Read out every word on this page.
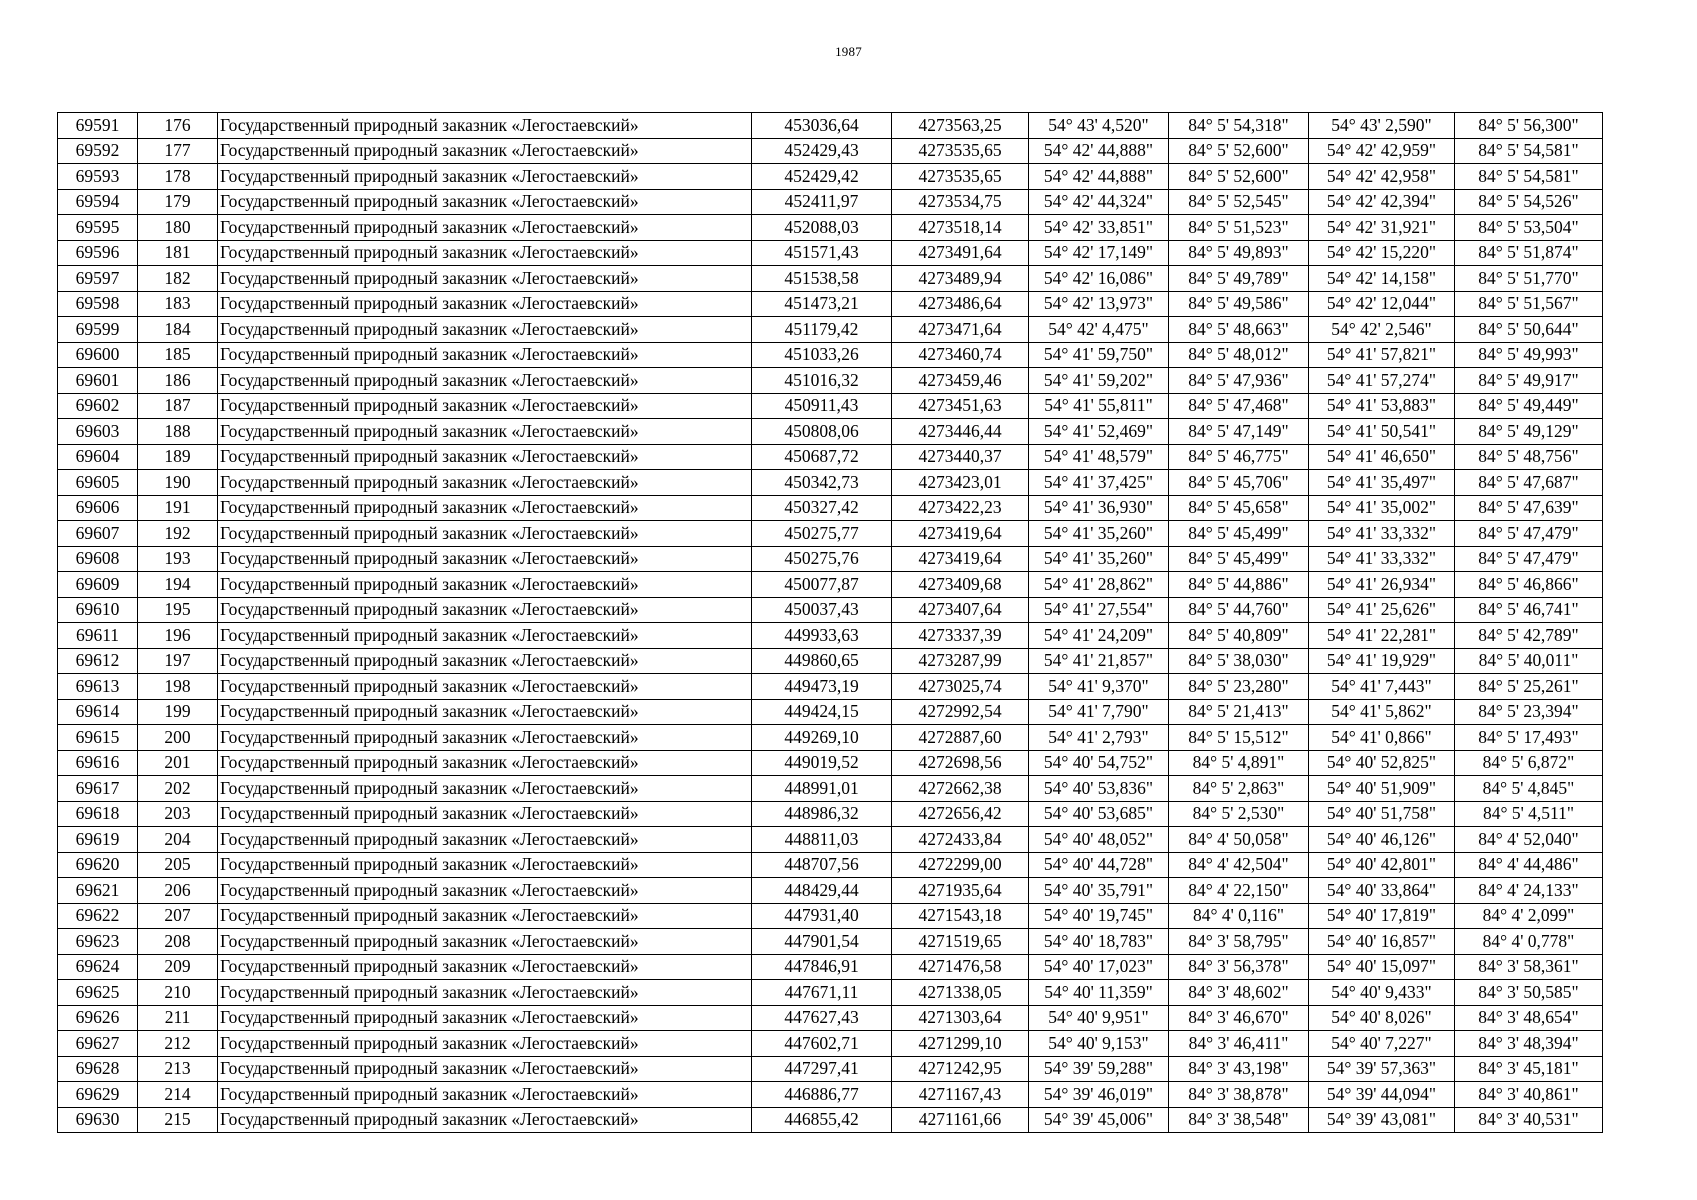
1987
69591	176	Государственный природный заказник «Легостаевский»	453036,64	4273563,25	54° 43' 4,520"	84° 5' 54,318"	54° 43' 2,590"	84° 5' 56,300"
69592	177	Государственный природный заказник «Легостаевский»	452429,43	4273535,65	54° 42' 44,888"	84° 5' 52,600"	54° 42' 42,959"	84° 5' 54,581"
69593	178	Государственный природный заказник «Легостаевский»	452429,42	4273535,65	54° 42' 44,888"	84° 5' 52,600"	54° 42' 42,958"	84° 5' 54,581"
69594	179	Государственный природный заказник «Легостаевский»	452411,97	4273534,75	54° 42' 44,324"	84° 5' 52,545"	54° 42' 42,394"	84° 5' 54,526"
69595	180	Государственный природный заказник «Легостаевский»	452088,03	4273518,14	54° 42' 33,851"	84° 5' 51,523"	54° 42' 31,921"	84° 5' 53,504"
69596	181	Государственный природный заказник «Легостаевский»	451571,43	4273491,64	54° 42' 17,149"	84° 5' 49,893"	54° 42' 15,220"	84° 5' 51,874"
69597	182	Государственный природный заказник «Легостаевский»	451538,58	4273489,94	54° 42' 16,086"	84° 5' 49,789"	54° 42' 14,158"	84° 5' 51,770"
69598	183	Государственный природный заказник «Легостаевский»	451473,21	4273486,64	54° 42' 13,973"	84° 5' 49,586"	54° 42' 12,044"	84° 5' 51,567"
69599	184	Государственный природный заказник «Легостаевский»	451179,42	4273471,64	54° 42' 4,475"	84° 5' 48,663"	54° 42' 2,546"	84° 5' 50,644"
69600	185	Государственный природный заказник «Легостаевский»	451033,26	4273460,74	54° 41' 59,750"	84° 5' 48,012"	54° 41' 57,821"	84° 5' 49,993"
69601	186	Государственный природный заказник «Легостаевский»	451016,32	4273459,46	54° 41' 59,202"	84° 5' 47,936"	54° 41' 57,274"	84° 5' 49,917"
69602	187	Государственный природный заказник «Легостаевский»	450911,43	4273451,63	54° 41' 55,811"	84° 5' 47,468"	54° 41' 53,883"	84° 5' 49,449"
69603	188	Государственный природный заказник «Легостаевский»	450808,06	4273446,44	54° 41' 52,469"	84° 5' 47,149"	54° 41' 50,541"	84° 5' 49,129"
69604	189	Государственный природный заказник «Легостаевский»	450687,72	4273440,37	54° 41' 48,579"	84° 5' 46,775"	54° 41' 46,650"	84° 5' 48,756"
69605	190	Государственный природный заказник «Легостаевский»	450342,73	4273423,01	54° 41' 37,425"	84° 5' 45,706"	54° 41' 35,497"	84° 5' 47,687"
69606	191	Государственный природный заказник «Легостаевский»	450327,42	4273422,23	54° 41' 36,930"	84° 5' 45,658"	54° 41' 35,002"	84° 5' 47,639"
69607	192	Государственный природный заказник «Легостаевский»	450275,77	4273419,64	54° 41' 35,260"	84° 5' 45,499"	54° 41' 33,332"	84° 5' 47,479"
69608	193	Государственный природный заказник «Легостаевский»	450275,76	4273419,64	54° 41' 35,260"	84° 5' 45,499"	54° 41' 33,332"	84° 5' 47,479"
69609	194	Государственный природный заказник «Легостаевский»	450077,87	4273409,68	54° 41' 28,862"	84° 5' 44,886"	54° 41' 26,934"	84° 5' 46,866"
69610	195	Государственный природный заказник «Легостаевский»	450037,43	4273407,64	54° 41' 27,554"	84° 5' 44,760"	54° 41' 25,626"	84° 5' 46,741"
69611	196	Государственный природный заказник «Легостаевский»	449933,63	4273337,39	54° 41' 24,209"	84° 5' 40,809"	54° 41' 22,281"	84° 5' 42,789"
69612	197	Государственный природный заказник «Легостаевский»	449860,65	4273287,99	54° 41' 21,857"	84° 5' 38,030"	54° 41' 19,929"	84° 5' 40,011"
69613	198	Государственный природный заказник «Легостаевский»	449473,19	4273025,74	54° 41' 9,370"	84° 5' 23,280"	54° 41' 7,443"	84° 5' 25,261"
69614	199	Государственный природный заказник «Легостаевский»	449424,15	4272992,54	54° 41' 7,790"	84° 5' 21,413"	54° 41' 5,862"	84° 5' 23,394"
69615	200	Государственный природный заказник «Легостаевский»	449269,10	4272887,60	54° 41' 2,793"	84° 5' 15,512"	54° 41' 0,866"	84° 5' 17,493"
69616	201	Государственный природный заказник «Легостаевский»	449019,52	4272698,56	54° 40' 54,752"	84° 5' 4,891"	54° 40' 52,825"	84° 5' 6,872"
69617	202	Государственный природный заказник «Легостаевский»	448991,01	4272662,38	54° 40' 53,836"	84° 5' 2,863"	54° 40' 51,909"	84° 5' 4,845"
69618	203	Государственный природный заказник «Легостаевский»	448986,32	4272656,42	54° 40' 53,685"	84° 5' 2,530"	54° 40' 51,758"	84° 5' 4,511"
69619	204	Государственный природный заказник «Легостаевский»	448811,03	4272433,84	54° 40' 48,052"	84° 4' 50,058"	54° 40' 46,126"	84° 4' 52,040"
69620	205	Государственный природный заказник «Легостаевский»	448707,56	4272299,00	54° 40' 44,728"	84° 4' 42,504"	54° 40' 42,801"	84° 4' 44,486"
69621	206	Государственный природный заказник «Легостаевский»	448429,44	4271935,64	54° 40' 35,791"	84° 4' 22,150"	54° 40' 33,864"	84° 4' 24,133"
69622	207	Государственный природный заказник «Легостаевский»	447931,40	4271543,18	54° 40' 19,745"	84° 4' 0,116"	54° 40' 17,819"	84° 4' 2,099"
69623	208	Государственный природный заказник «Легостаевский»	447901,54	4271519,65	54° 40' 18,783"	84° 3' 58,795"	54° 40' 16,857"	84° 4' 0,778"
69624	209	Государственный природный заказник «Легостаевский»	447846,91	4271476,58	54° 40' 17,023"	84° 3' 56,378"	54° 40' 15,097"	84° 3' 58,361"
69625	210	Государственный природный заказник «Легостаевский»	447671,11	4271338,05	54° 40' 11,359"	84° 3' 48,602"	54° 40' 9,433"	84° 3' 50,585"
69626	211	Государственный природный заказник «Легостаевский»	447627,43	4271303,64	54° 40' 9,951"	84° 3' 46,670"	54° 40' 8,026"	84° 3' 48,654"
69627	212	Государственный природный заказник «Легостаевский»	447602,71	4271299,10	54° 40' 9,153"	84° 3' 46,411"	54° 40' 7,227"	84° 3' 48,394"
69628	213	Государственный природный заказник «Легостаевский»	447297,41	4271242,95	54° 39' 59,288"	84° 3' 43,198"	54° 39' 57,363"	84° 3' 45,181"
69629	214	Государственный природный заказник «Легостаевский»	446886,77	4271167,43	54° 39' 46,019"	84° 3' 38,878"	54° 39' 44,094"	84° 3' 40,861"
69630	215	Государственный природный заказник «Легостаевский»	446855,42	4271161,66	54° 39' 45,006"	84° 3' 38,548"	54° 39' 43,081"	84° 3' 40,531"
